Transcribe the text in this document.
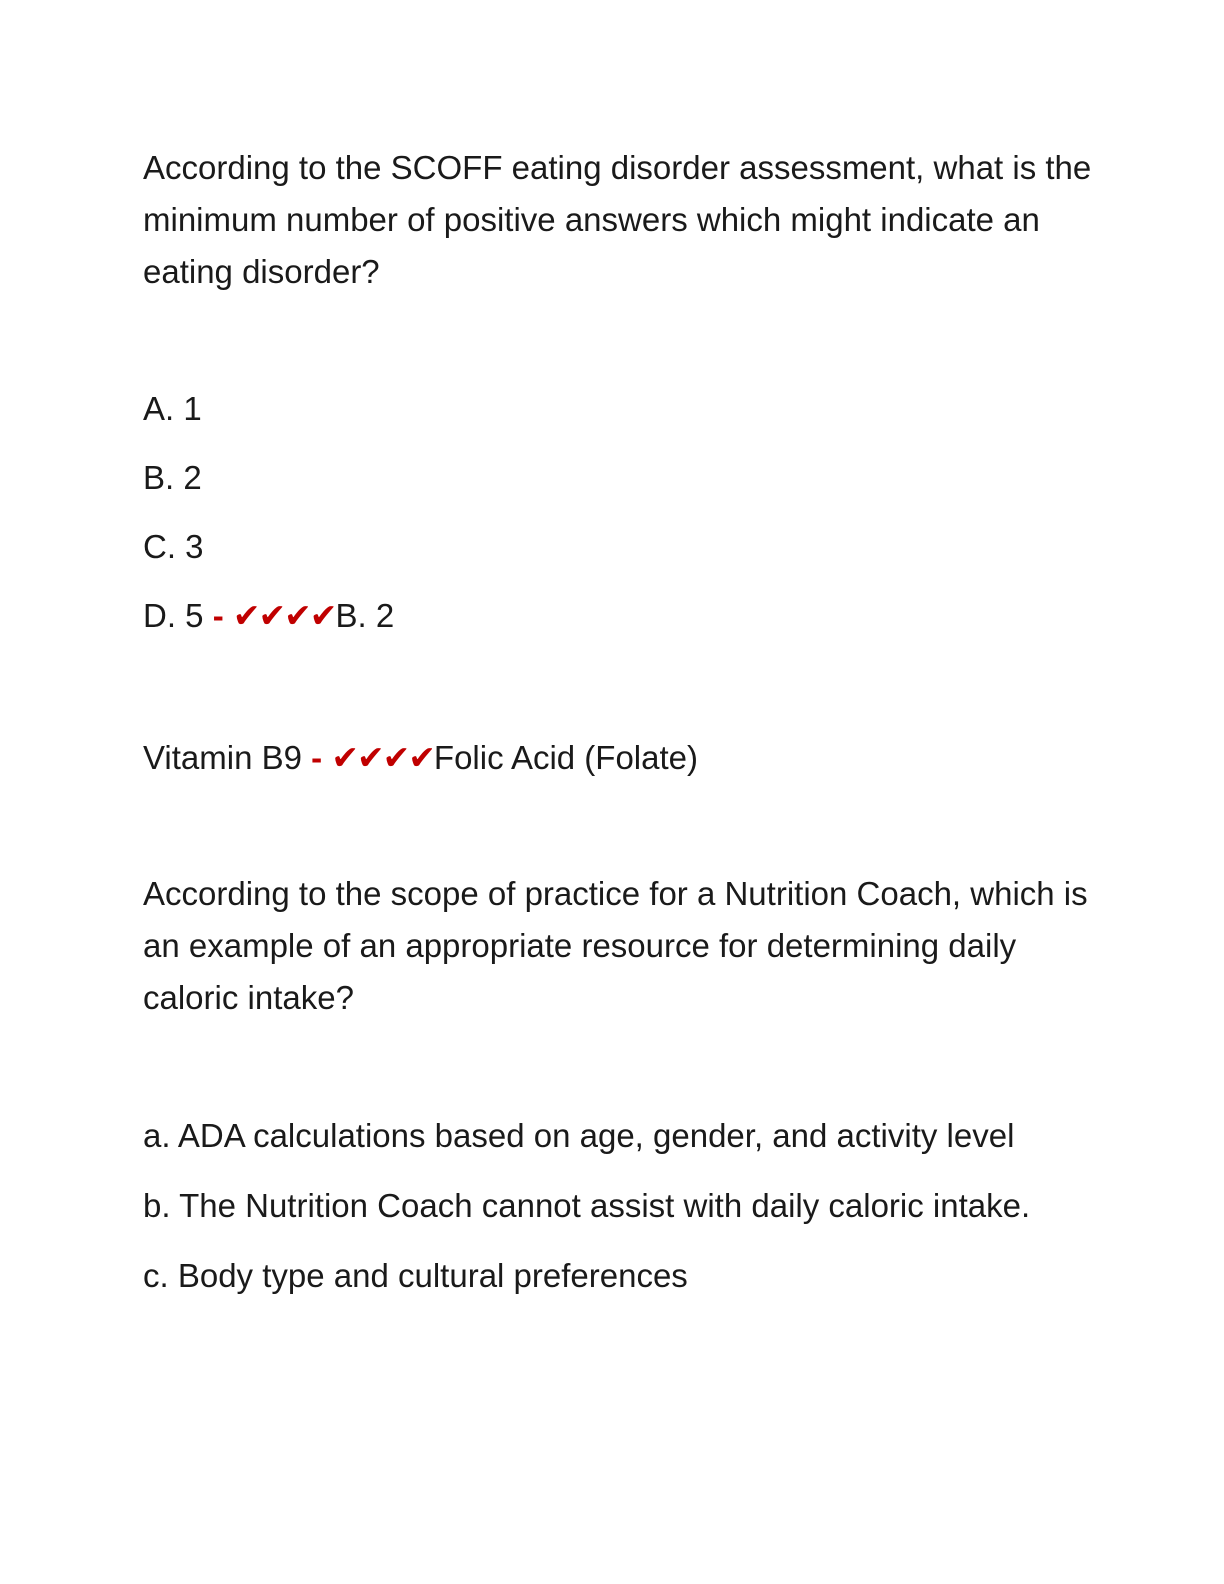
According to the SCOFF eating disorder assessment, what is the minimum number of positive answers which might indicate an eating disorder?

A. 1
B. 2
C. 3
D. 5 - ✔✔✔✔B. 2
Vitamin B9 - ✔✔✔✔Folic Acid (Folate)

According to the scope of practice for a Nutrition Coach, which is an example of an appropriate resource for determining daily caloric intake?

a. ADA calculations based on age, gender, and activity level
b. The Nutrition Coach cannot assist with daily caloric intake.
c. Body type and cultural preferences
